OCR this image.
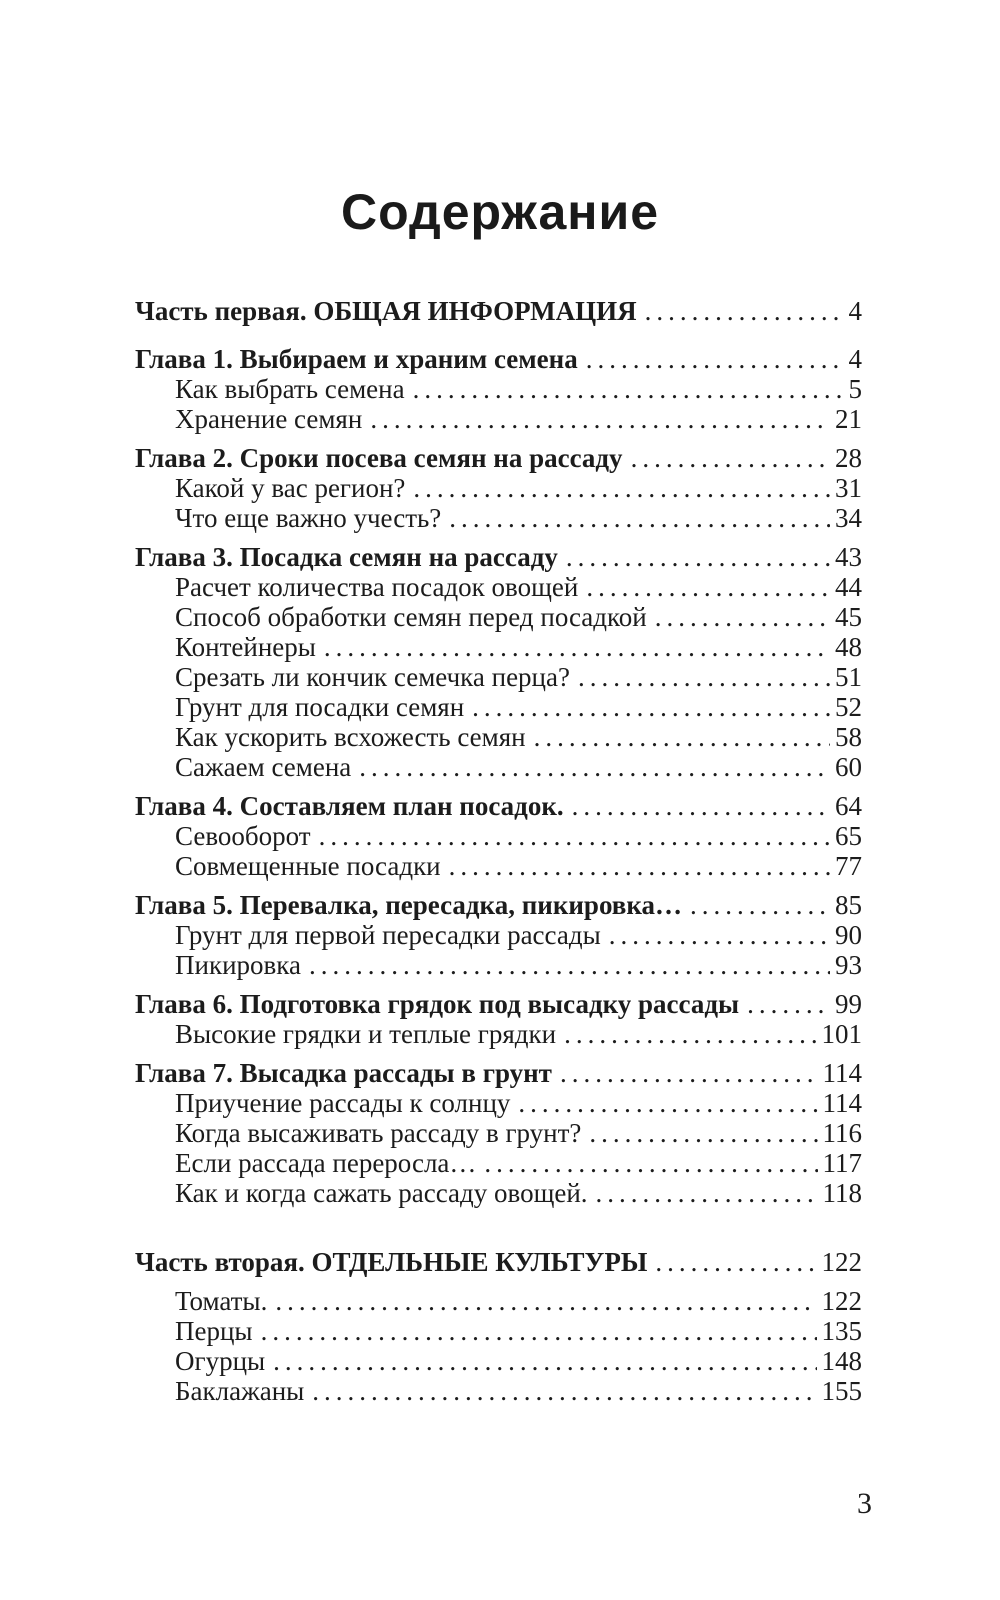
Содержание
Часть первая. ОБЩАЯ ИНФОРМАЦИЯ .....	4
Глава 1. Выбираем и храним семена .....	4
Как выбрать семена .....	5
Хранение семян .....	21
Глава 2. Сроки посева семян на рассаду .....	28
Какой у вас регион? .....	31
Что еще важно учесть? .....	34
Глава 3. Посадка семян на рассаду .....	43
Расчет количества посадок овощей .....	44
Способ обработки семян перед посадкой .....	45
Контейнеры .....	48
Срезать ли кончик семечка перца? .....	51
Грунт для посадки семян .....	52
Как ускорить всхожесть семян .....	58
Сажаем семена .....	60
Глава 4. Составляем план посадок. .....	64
Севооборот .....	65
Совмещенные посадки .....	77
Глава 5. Перевалка, пересадка, пикировка… .....	85
Грунт для первой пересадки рассады .....	90
Пикировка .....	93
Глава 6. Подготовка грядок под высадку рассады .....	99
Высокие грядки и теплые грядки .....	101
Глава 7. Высадка рассады в грунт .....	114
Приучение рассады к солнцу .....	114
Когда высаживать рассаду в грунт? .....	116
Если рассада переросла… .....	117
Как и когда сажать рассаду овощей. .....	118
Часть вторая. ОТДЕЛЬНЫЕ КУЛЬТУРЫ .....	122
Томаты. .....	122
Перцы .....	135
Огурцы .....	148
Баклажаны .....	155
3
